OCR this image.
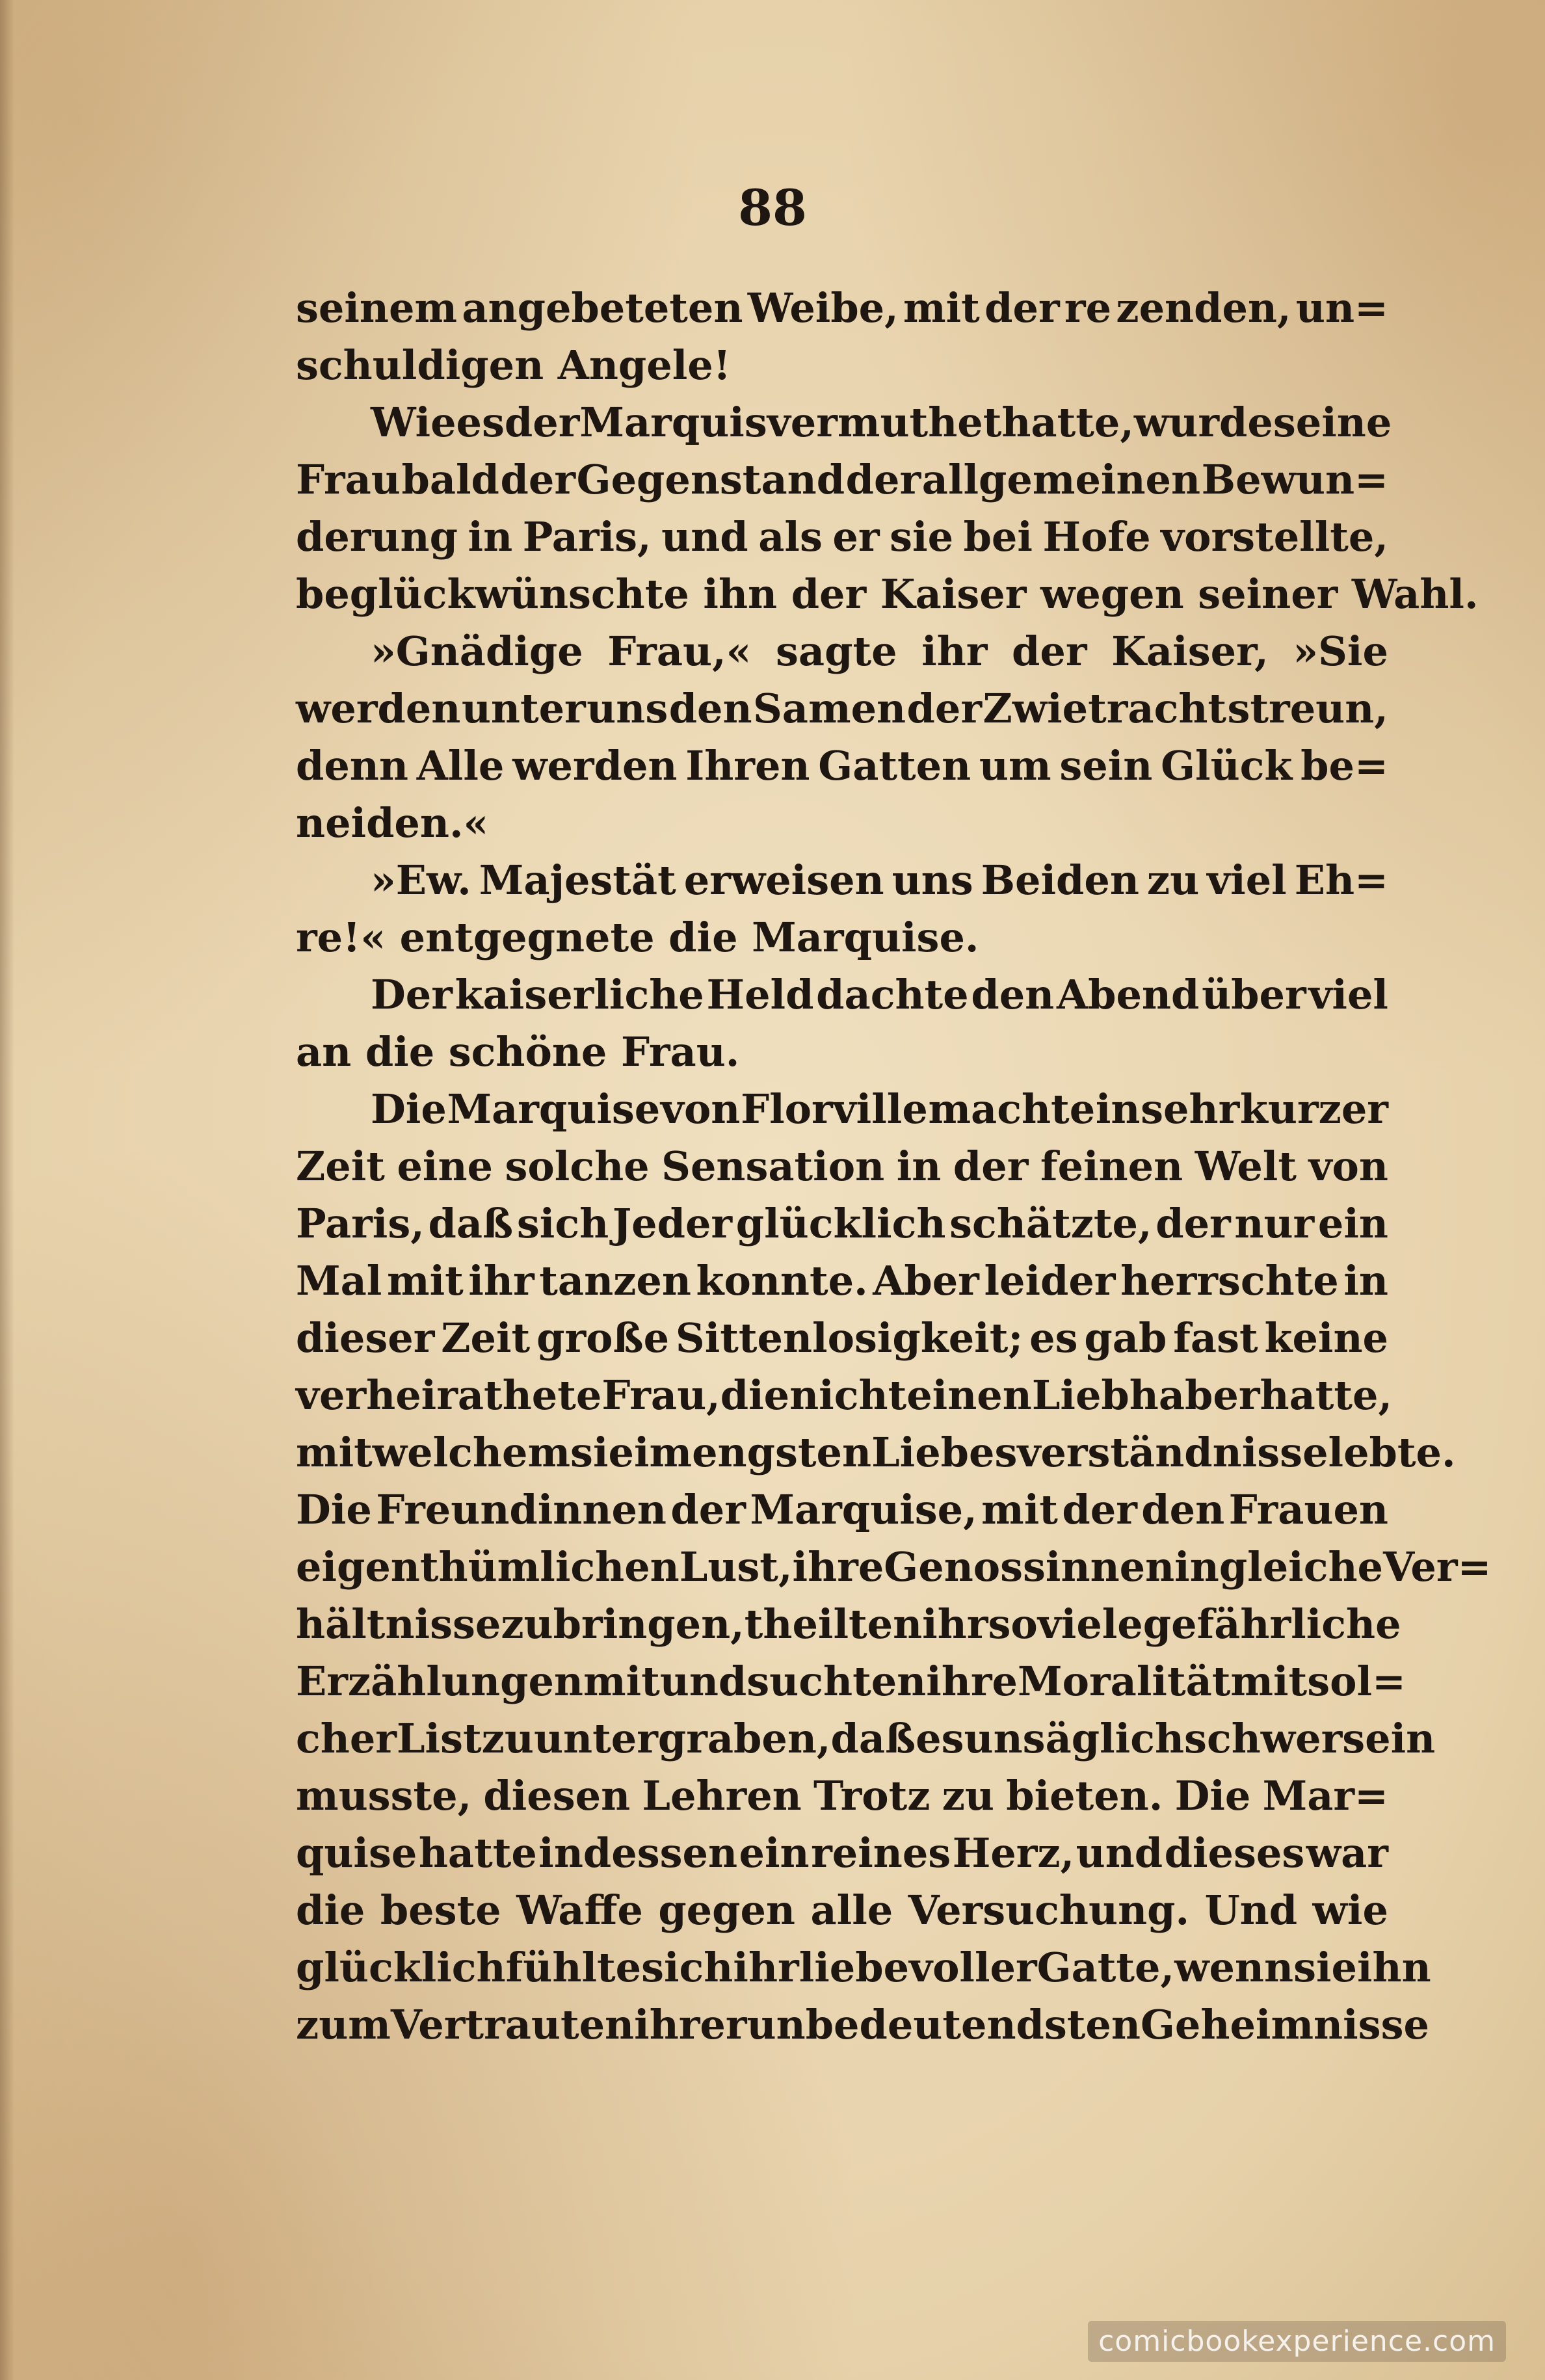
88
seinem angebeteten Weibe, mit der re zenden, un=
schuldigen Angele!
Wie es der Marquis vermuthet hatte, wurde seine
Frau bald der Gegenstand der allgemeinen Bewun=
derung in Paris, und als er sie bei Hofe vorstellte,
beglückwünschte ihn der Kaiser wegen seiner Wahl.
»Gnädige Frau,« sagte ihr der Kaiser, »Sie
werden unter uns den Samen der Zwietracht streun,
denn Alle werden Ihren Gatten um sein Glück be=
neiden.«
»Ew. Majestät erweisen uns Beiden zu viel Eh=
re!« entgegnete die Marquise.
Der kaiserliche Held dachte den Abend über viel
an die schöne Frau.
Die Marquise von Florville machte in sehr kurzer
Zeit eine solche Sensation in der feinen Welt von
Paris, daß sich Jeder glücklich schätzte, der nur ein
Mal mit ihr tanzen konnte. Aber leider herrschte in
dieser Zeit große Sittenlosigkeit; es gab fast keine
verheirathete Frau, die nicht einen Liebhaber hatte,
mit welchem sie im engsten Liebesverständnisse lebte.
Die Freundinnen der Marquise, mit der den Frauen
eigenthümlichen Lust, ihre Genossinnen in gleiche Ver=
hältnisse zu bringen, theilten ihr so viele gefährliche
Erzählungen mit und suchten ihre Moralität mit sol=
cher List zu untergraben, daß es unsäglich schwer sein
musste, diesen Lehren Trotz zu bieten. Die Mar=
quise hatte indessen ein reines Herz, und dieses war
die beste Waffe gegen alle Versuchung. Und wie
glücklich fühlte sich ihr liebevoller Gatte, wenn sie ihn
zum Vertrauten ihrer unbedeutendsten Geheimnisse
comicbookexperience.com
